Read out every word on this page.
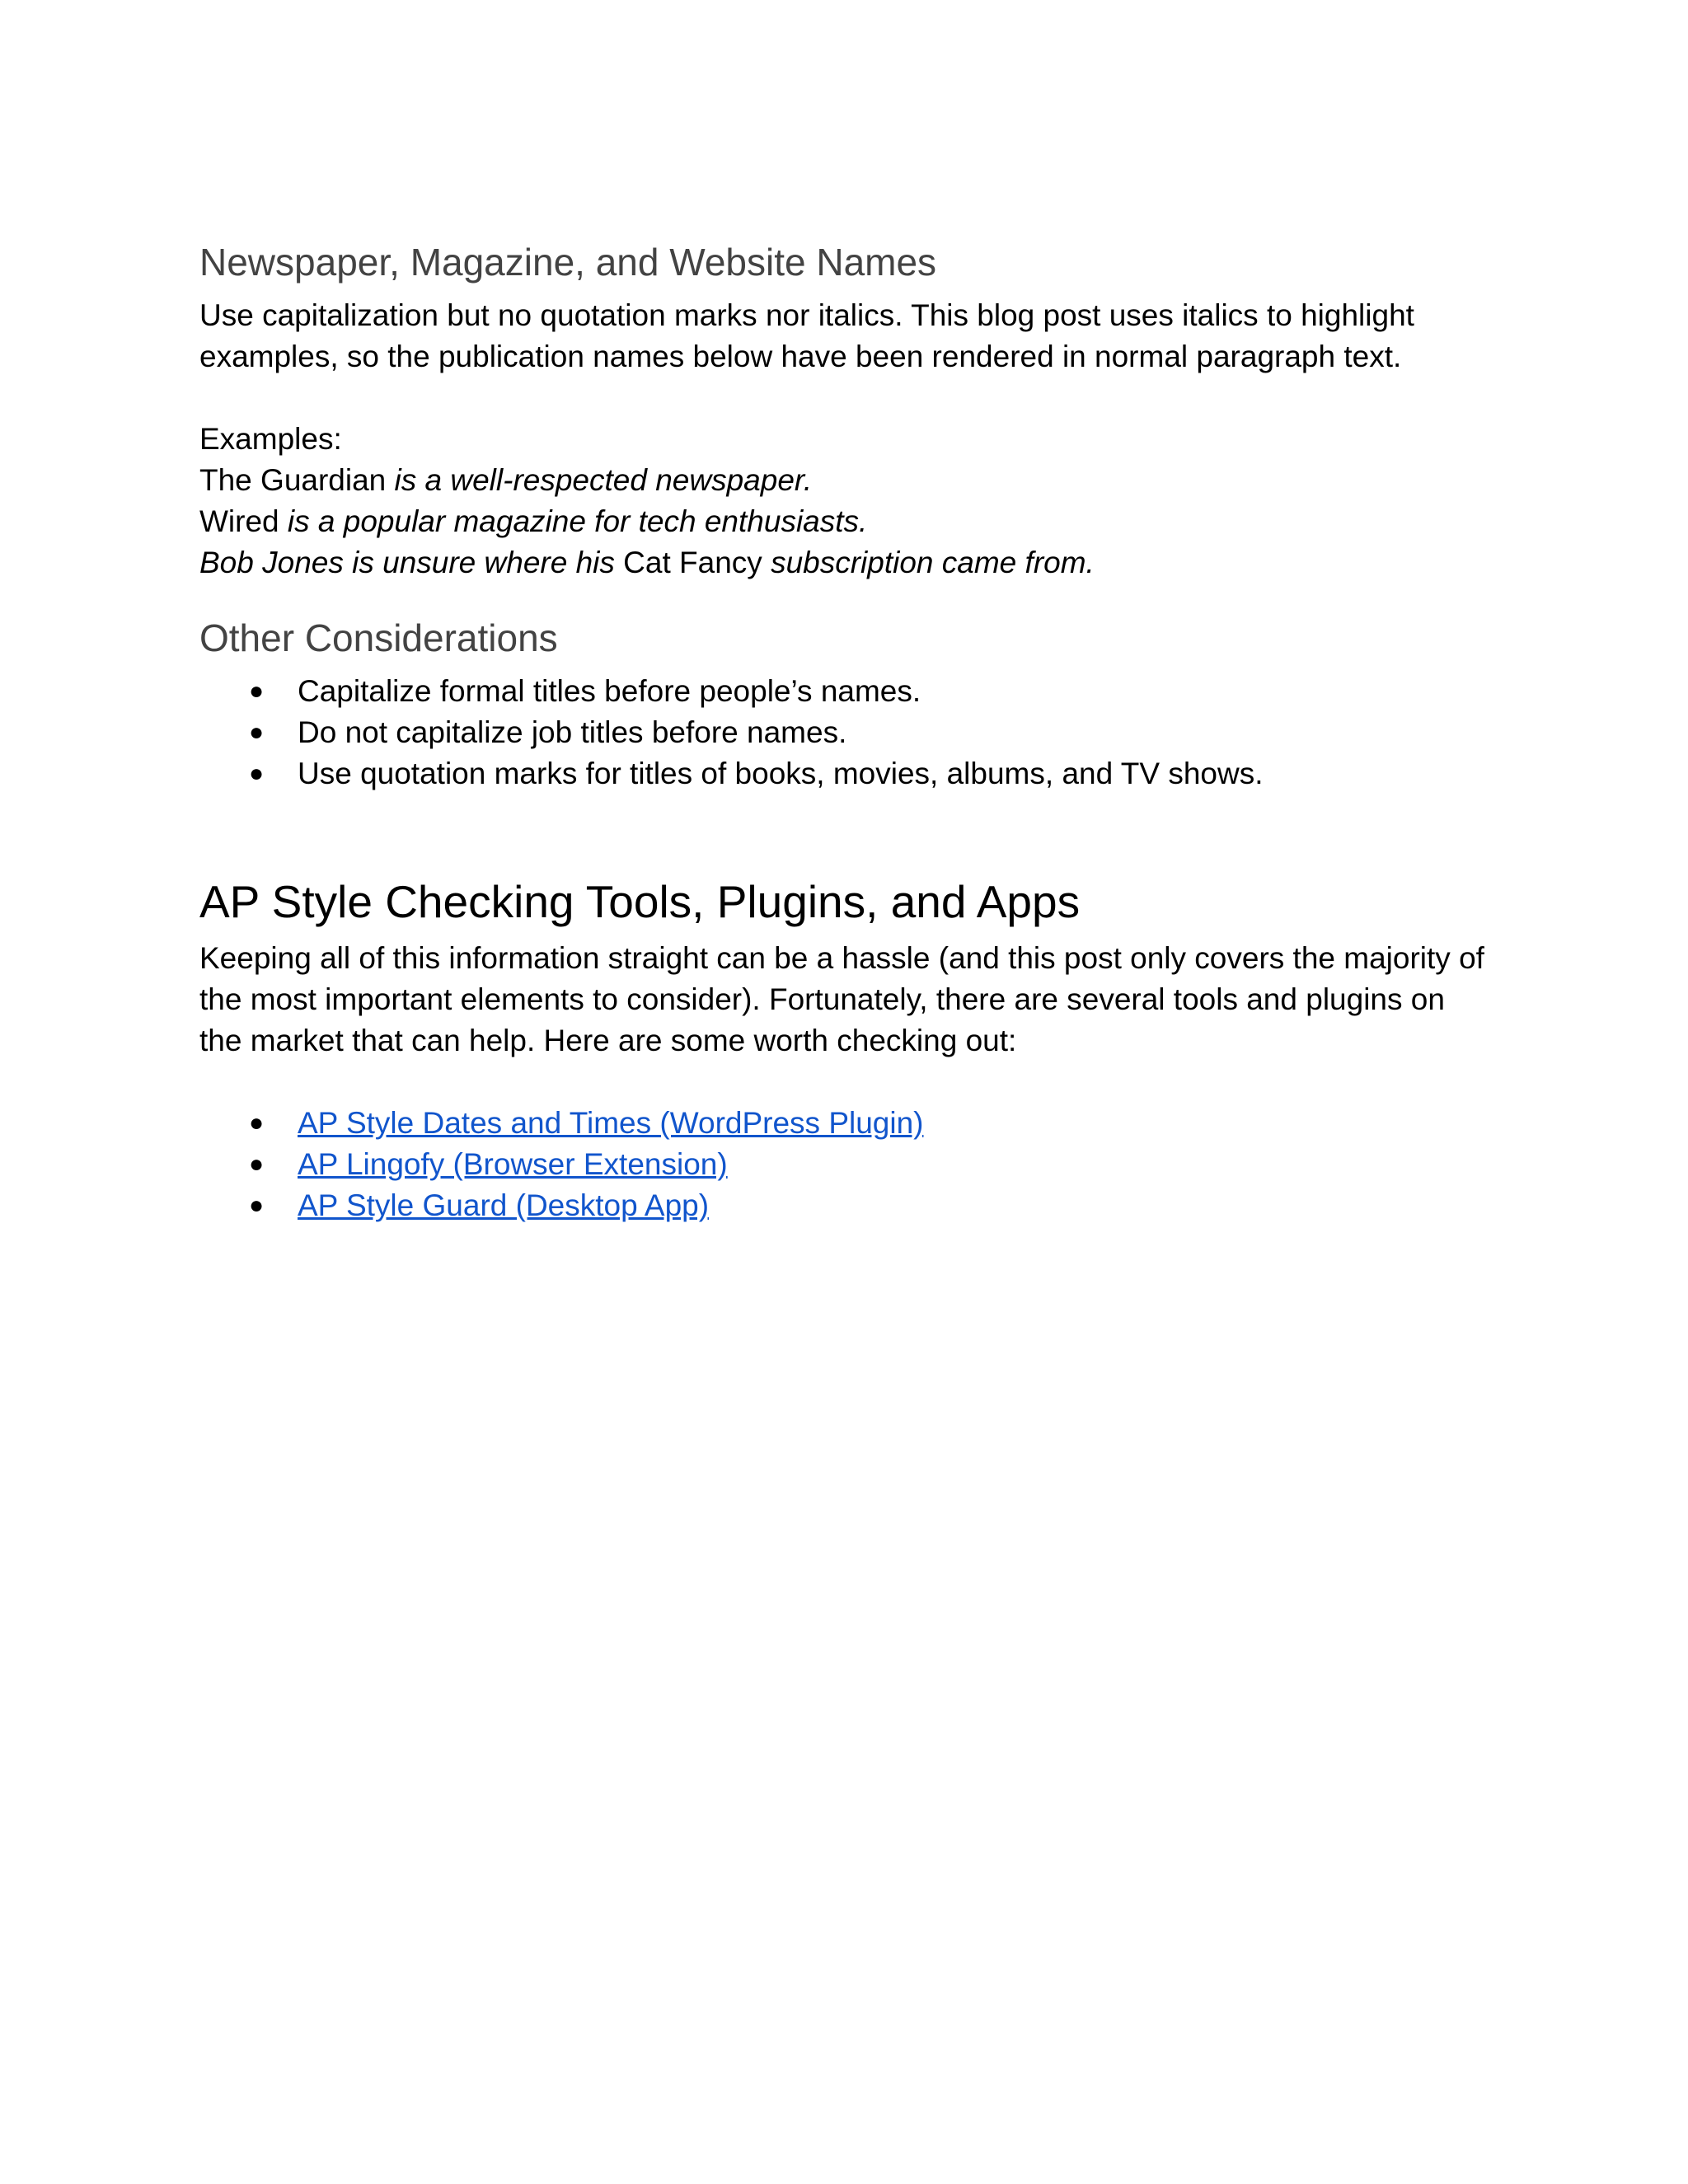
Newspaper, Magazine, and Website Names

Use capitalization but no quotation marks nor italics. This blog post uses italics to highlight

examples, so the publication names below have been rendered in normal paragraph text.

Examples:

The Guardian is a well-respected newspaper.

Wired is a popular magazine for tech enthusiasts.

Bob Jones is unsure where his Cat Fancy subscription came from.

Other Considerations
● Capitalize formal titles before people’s names.
● Do not capitalize job titles before names.
● Use quotation marks for titles of books, movies, albums, and TV shows.
AP Style Checking Tools, Plugins, and Apps

Keeping all of this information straight can be a hassle (and this post only covers the majority of

the most important elements to consider). Fortunately, there are several tools and plugins on

the market that can help. Here are some worth checking out:

● AP Style Dates and Times (WordPress Plugin)
● AP Lingofy (Browser Extension)
● AP Style Guard (Desktop App)
